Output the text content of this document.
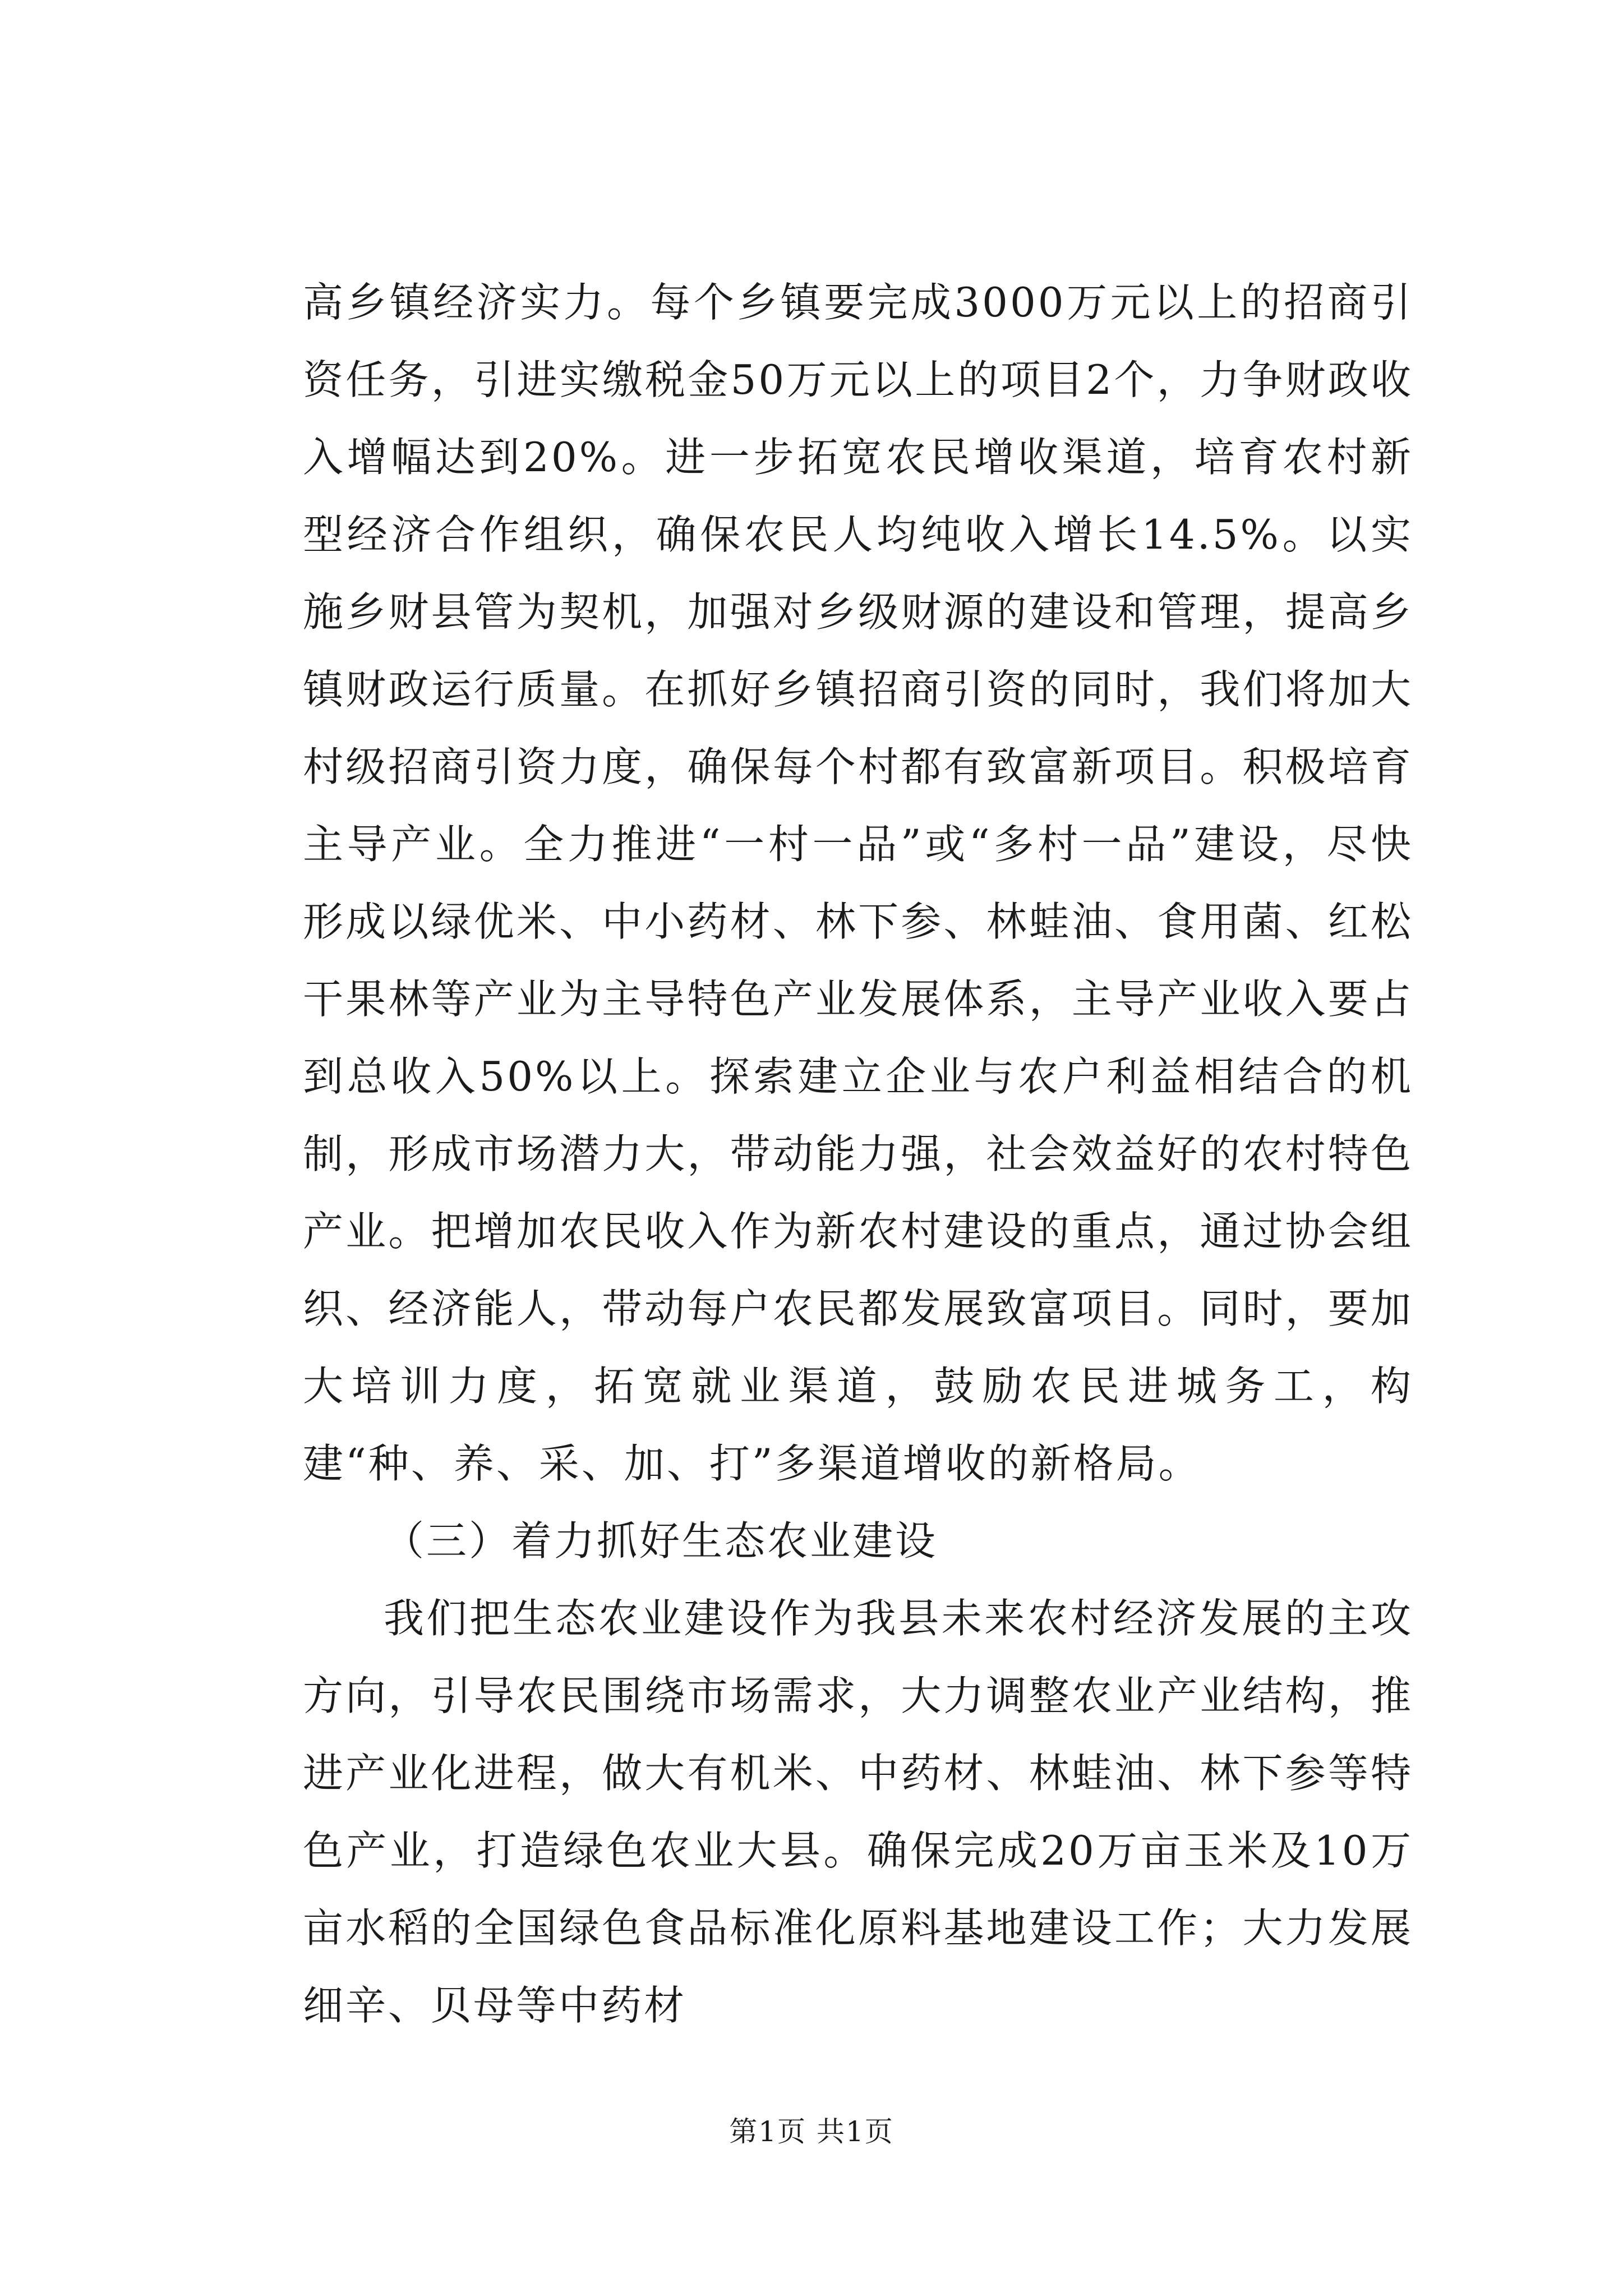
高乡镇经济实力。每个乡镇要完成3000万元以上的招商引资任务，引进实缴税金50万元以上的项目2个，力争财政收入增幅达到20%。进一步拓宽农民增收渠道，培育农村新型经济合作组织，确保农民人均纯收入增长14.5%。以实施乡财县管为契机，加强对乡级财源的建设和管理，提高乡镇财政运行质量。在抓好乡镇招商引资的同时，我们将加大村级招商引资力度，确保每个村都有致富新项目。积极培育主导产业。全力推进“一村一品”或“多村一品”建设，尽快形成以绿优米、中小药材、林下参、林蛙油、食用菌、红松干果林等产业为主导特色产业发展体系，主导产业收入要占到总收入50%以上。探索建立企业与农户利益相结合的机制，形成市场潜力大，带动能力强，社会效益好的农村特色产业。把增加农民收入作为新农村建设的重点，通过协会组织、经济能人，带动每户农民都发展致富项目。同时，要加大培训力度，拓宽就业渠道，鼓励农民进城务工，构建“种、养、采、加、打”多渠道增收的新格局。

（三）着力抓好生态农业建设

我们把生态农业建设作为我县未来农村经济发展的主攻方向，引导农民围绕市场需求，大力调整农业产业结构，推进产业化进程，做大有机米、中药材、林蛙油、林下参等特色产业，打造绿色农业大县。确保完成20万亩玉米及10万亩水稻的全国绿色食品标准化原料基地建设工作；大力发展细辛、贝母等中药材

第1页 共1页
